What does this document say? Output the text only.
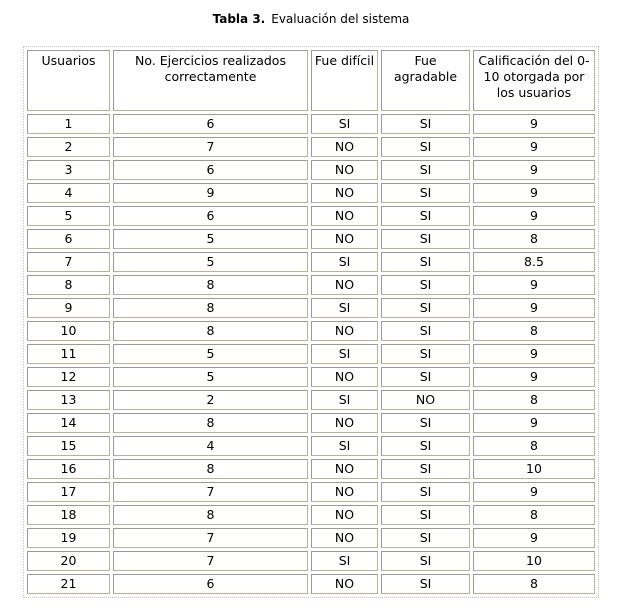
Tabla 3. Evaluación del sistema
Usuarios	No. Ejercicios realizados correctamente	Fue difícil	Fue agradable	Calificación del 0-10 otorgada por los usuarios
1	6	SI	SI	9
2	7	NO	SI	9
3	6	NO	SI	9
4	9	NO	SI	9
5	6	NO	SI	9
6	5	NO	SI	8
7	5	SI	SI	8.5
8	8	NO	SI	9
9	8	SI	SI	9
10	8	NO	SI	8
11	5	SI	SI	9
12	5	NO	SI	9
13	2	SI	NO	8
14	8	NO	SI	9
15	4	SI	SI	8
16	8	NO	SI	10
17	7	NO	SI	9
18	8	NO	SI	8
19	7	NO	SI	9
20	7	SI	SI	10
21	6	NO	SI	8
